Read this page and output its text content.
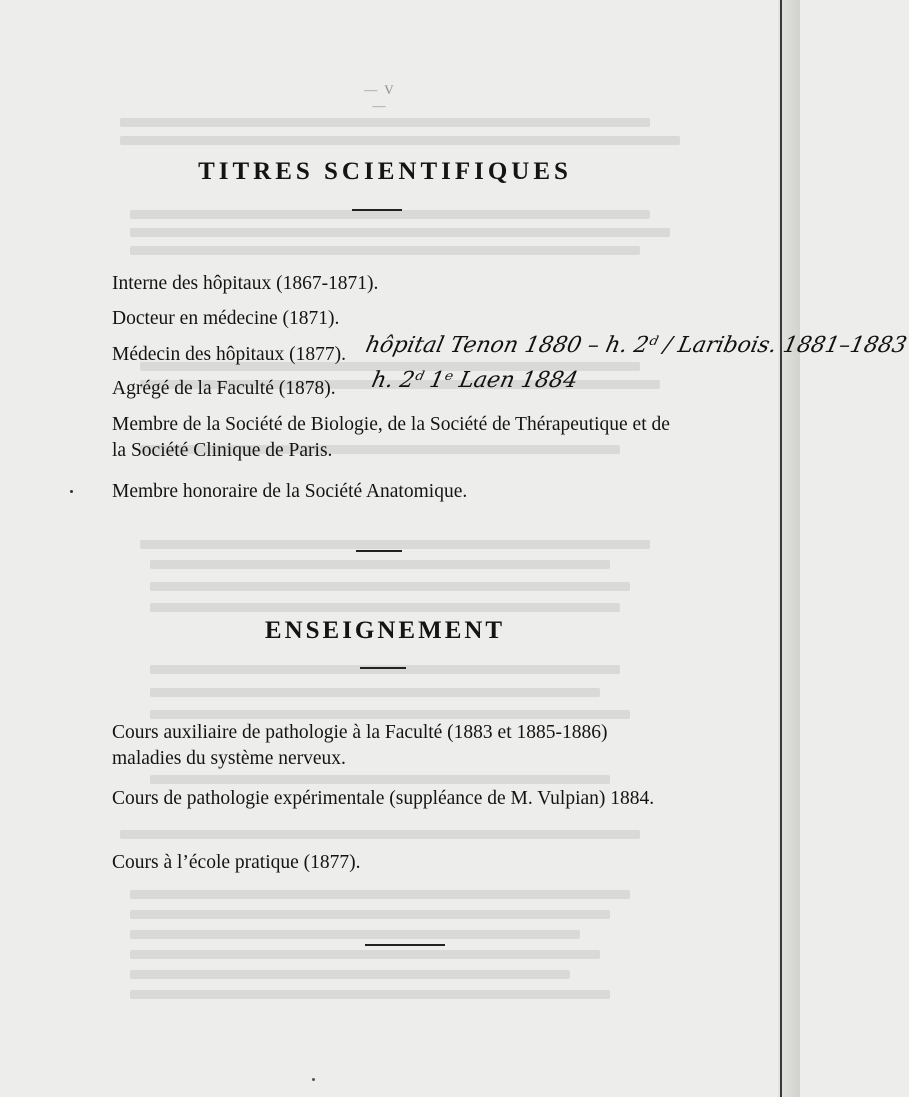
— V —
TITRES SCIENTIFIQUES
Interne des hôpitaux (1867-1871).
Docteur en médecine (1871).
Médecin des hôpitaux (1877). hôpital Tenon 1880 – h. 2ᵈ / Laribois. 1881–1883
Agrégé de la Faculté (1878). h. 2ᵈ 1ᵉ Laen 1884
Membre de la Société de Biologie, de la Société de Thérapeutique et de la Société Clinique de Paris.
Membre honoraire de la Société Anatomique.
ENSEIGNEMENT
Cours auxiliaire de pathologie à la Faculté (1883 et 1885-1886) maladies du système nerveux.
Cours de pathologie expérimentale (suppléance de M. Vulpian) 1884.
Cours à l’école pratique (1877).
